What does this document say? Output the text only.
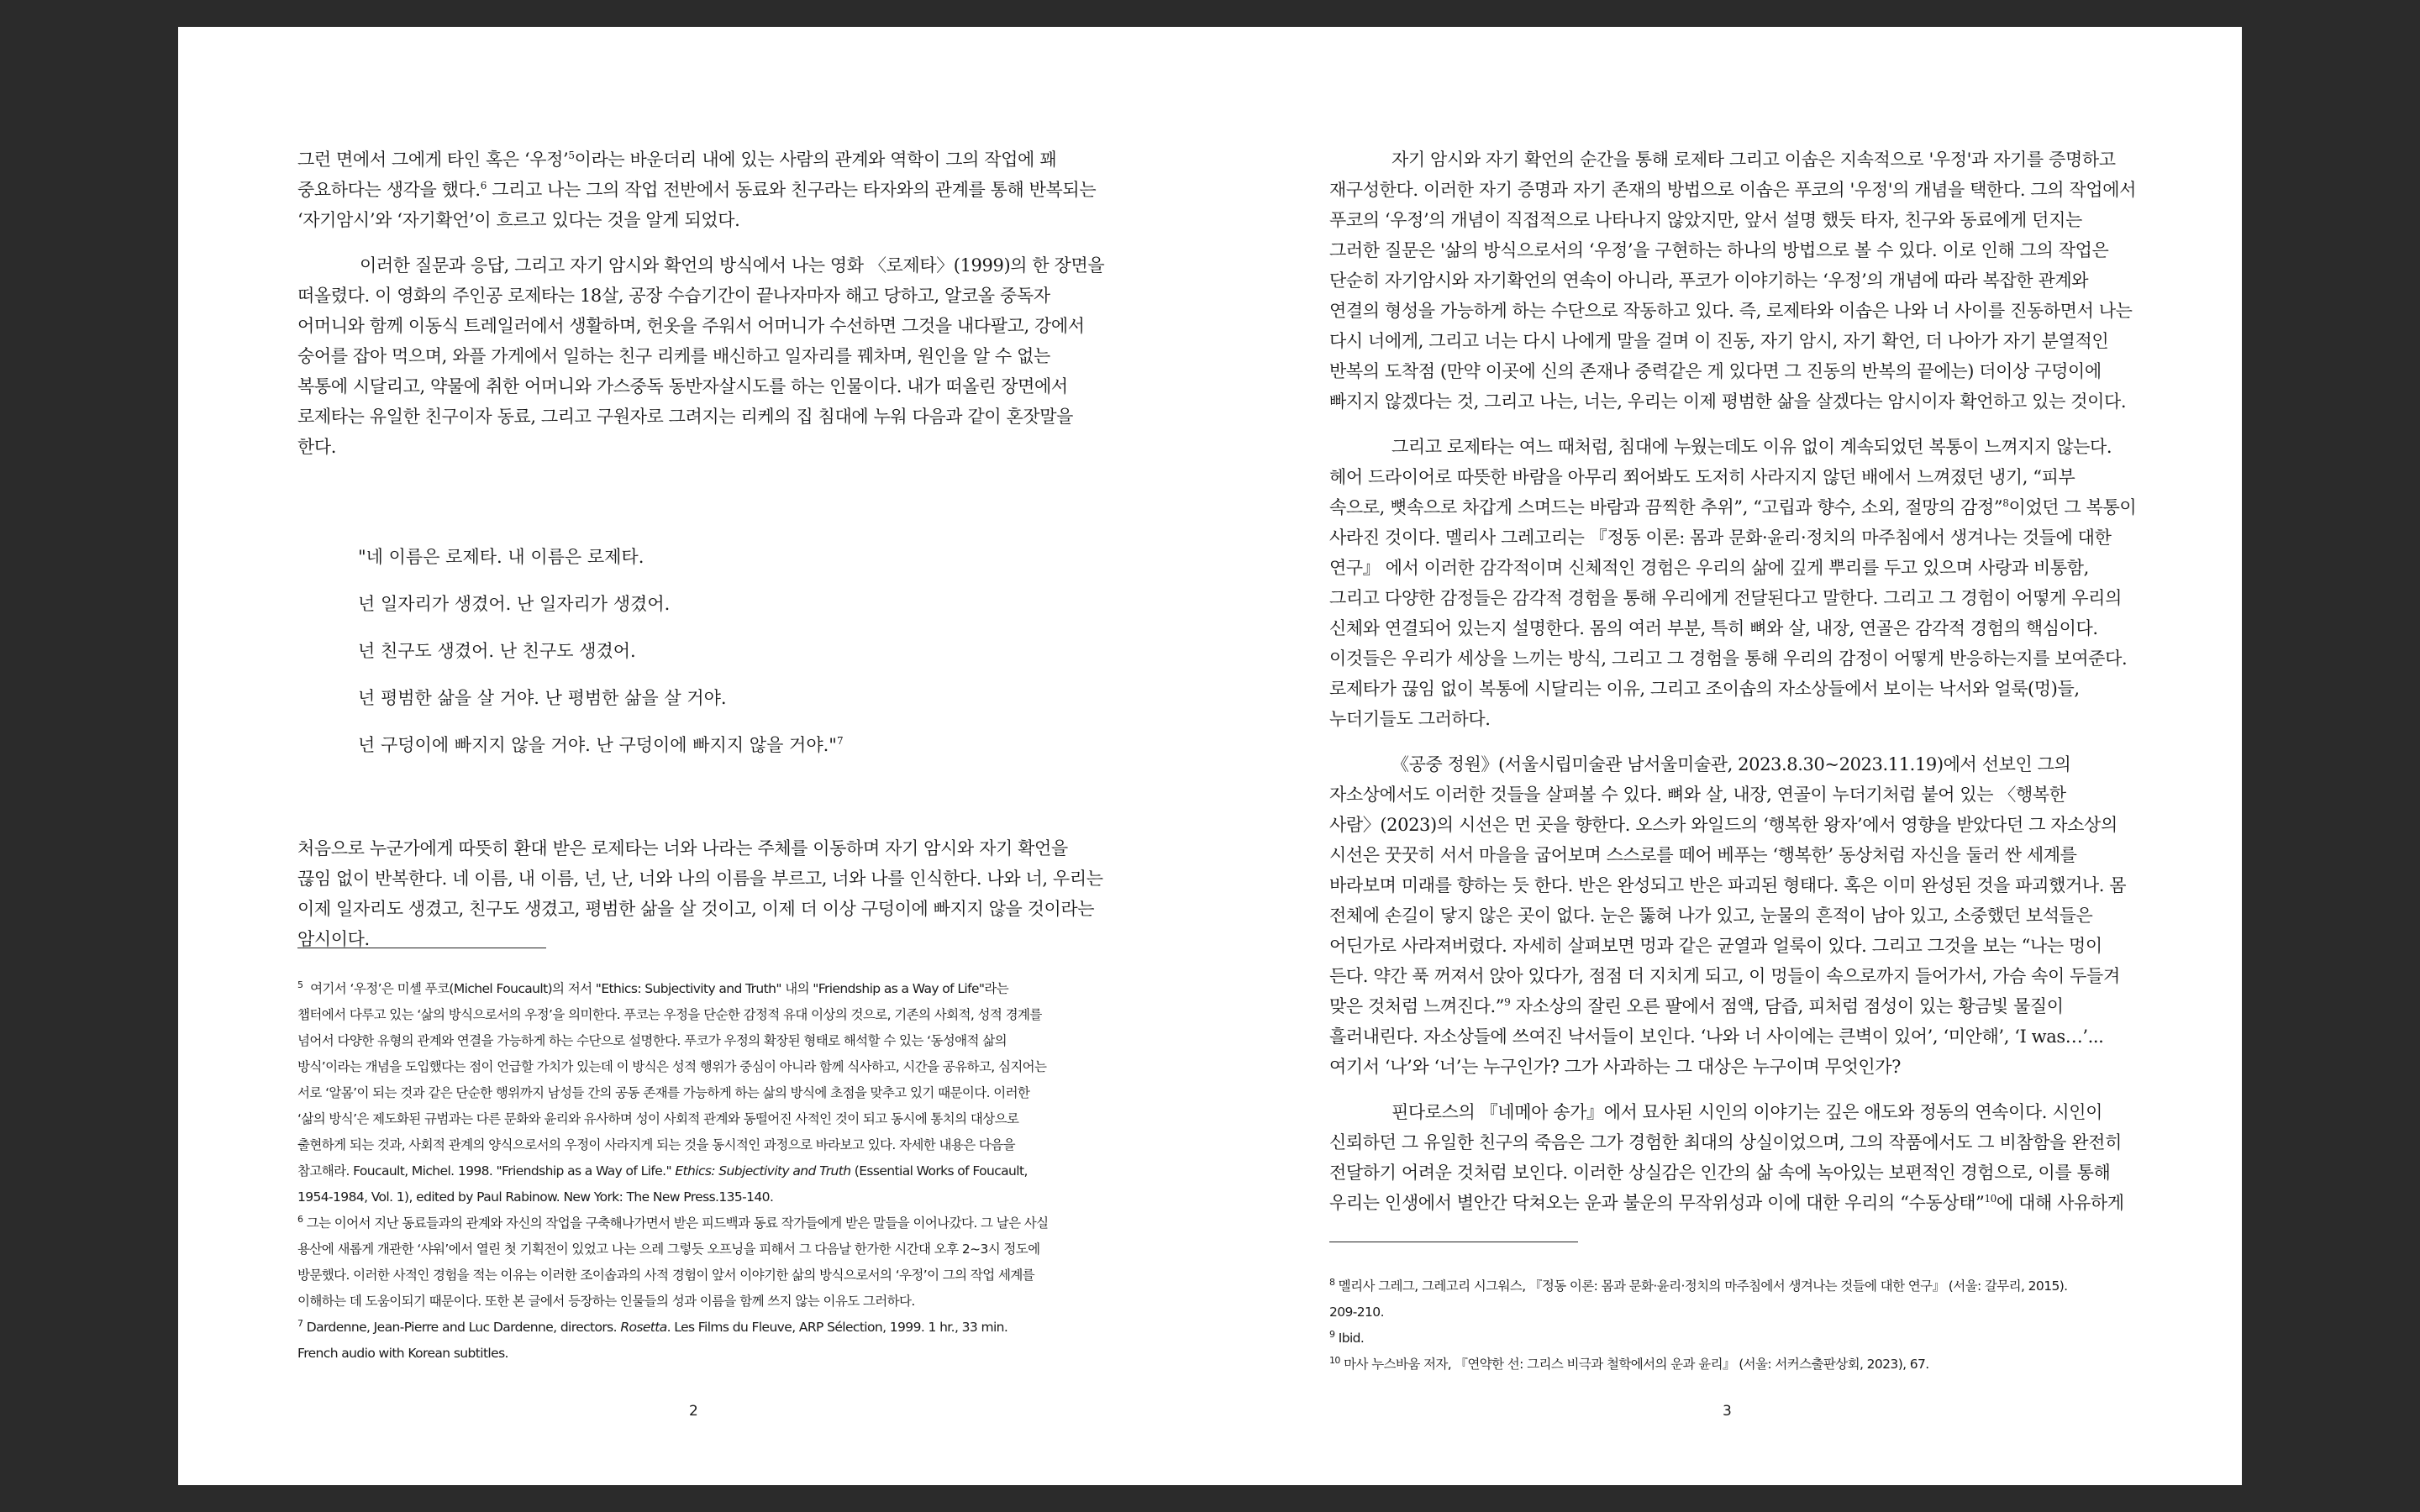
그런 면에서 그에게 타인 혹은 ‘우정’$^5$이라는 바운더리 내에 있는 사람의 관계와 역학이 그의 작업에 꽤

중요하다는 생각을 했다.$^6$ 그리고 나는 그의 작업 전반에서 동료와 친구라는 타자와의 관계를 통해 반복되는

‘자기암시’와 ‘자기확언’이 흐르고 있다는 것을 알게 되었다.

이러한 질문과 응답, 그리고 자기 암시와 확언의 방식에서 나는 영화 〈로제타〉(1999)의 한 장면을

떠올렸다. 이 영화의 주인공 로제타는 18살, 공장 수습기간이 끝나자마자 해고 당하고, 알코올 중독자

어머니와 함께 이동식 트레일러에서 생활하며, 헌옷을 주워서 어머니가 수선하면 그것을 내다팔고, 강에서

숭어를 잡아 먹으며, 와플 가게에서 일하는 친구 리케를 배신하고 일자리를 꿰차며, 원인을 알 수 없는

복통에 시달리고, 약물에 취한 어머니와 가스중독 동반자살시도를 하는 인물이다. 내가 떠올린 장면에서

로제타는 유일한 친구이자 동료, 그리고 구원자로 그려지는 리케의 집 침대에 누워 다음과 같이 혼잣말을

한다.

"네 이름은 로제타. 내 이름은 로제타.

넌 일자리가 생겼어. 난 일자리가 생겼어.

넌 친구도 생겼어. 난 친구도 생겼어.

넌 평범한 삶을 살 거야. 난 평범한 삶을 살 거야.

넌 구덩이에 빠지지 않을 거야. 난 구덩이에 빠지지 않을 거야."$^7$

처음으로 누군가에게 따뜻히 환대 받은 로제타는 너와 나라는 주체를 이동하며 자기 암시와 자기 확언을

끊임 없이 반복한다. 네 이름, 내 이름, 넌, 난, 너와 나의 이름을 부르고, 너와 나를 인식한다. 나와 너, 우리는

이제 일자리도 생겼고, 친구도 생겼고, 평범한 삶을 살 것이고, 이제 더 이상 구덩이에 빠지지 않을 것이라는

암시이다.

$^5$ 여기서 ‘우정’은 미셸 푸코(Michel Foucault)의 저서 "Ethics: Subjectivity and Truth" 내의 "Friendship as a Way of Life"라는

챕터에서 다루고 있는 ‘삶의 방식으로서의 우정’을 의미한다. 푸코는 우정을 단순한 감정적 유대 이상의 것으로, 기존의 사회적, 성적 경계를

넘어서 다양한 유형의 관계와 연결을 가능하게 하는 수단으로 설명한다. 푸코가 우정의 확장된 형태로 해석할 수 있는 ‘동성애적 삶의

방식’이라는 개념을 도입했다는 점이 언급할 가치가 있는데 이 방식은 성적 행위가 중심이 아니라 함께 식사하고, 시간을 공유하고, 심지어는

서로 ‘알몸’이 되는 것과 같은 단순한 행위까지 남성들 간의 공동 존재를 가능하게 하는 삶의 방식에 초점을 맞추고 있기 때문이다. 이러한

‘삶의 방식’은 제도화된 규범과는 다른 문화와 윤리와 유사하며 성이 사회적 관계와 동떨어진 사적인 것이 되고 동시에 통치의 대상으로

출현하게 되는 것과, 사회적 관계의 양식으로서의 우정이 사라지게 되는 것을 동시적인 과정으로 바라보고 있다. 자세한 내용은 다음을

참고해라. Foucault, Michel. 1998. "Friendship as a Way of Life." Ethics: Subjectivity and Truth (Essential Works of Foucault,

1954-1984, Vol. 1), edited by Paul Rabinow. New York: The New Press.135-140.

$^6$ 그는 이어서 지난 동료들과의 관계와 자신의 작업을 구축해나가면서 받은 피드백과 동료 작가들에게 받은 말들을 이어나갔다. 그 날은 사실

용산에 새롭게 개관한 ‘샤워’에서 열린 첫 기획전이 있었고 나는 으레 그렇듯 오프닝을 피해서 그 다음날 한가한 시간대 오후 2~3시 정도에

방문했다. 이러한 사적인 경험을 적는 이유는 이러한 조이솝과의 사적 경험이 앞서 이야기한 삶의 방식으로서의 ‘우정’이 그의 작업 세계를

이해하는 데 도움이되기 때문이다. 또한 본 글에서 등장하는 인물들의 성과 이름을 함께 쓰지 않는 이유도 그러하다.

$^7$ Dardenne, Jean-Pierre and Luc Dardenne, directors. Rosetta. Les Films du Fleuve, ARP Sélection, 1999. 1 hr., 33 min.

French audio with Korean subtitles.

2

자기 암시와 자기 확언의 순간을 통해 로제타 그리고 이솝은 지속적으로 '우정'과 자기를 증명하고

재구성한다. 이러한 자기 증명과 자기 존재의 방법으로 이솝은 푸코의 '우정'의 개념을 택한다. 그의 작업에서

푸코의 ‘우정’의 개념이 직접적으로 나타나지 않았지만, 앞서 설명 했듯 타자, 친구와 동료에게 던지는

그러한 질문은 '삶의 방식으로서의 ‘우정’을 구현하는 하나의 방법으로 볼 수 있다. 이로 인해 그의 작업은

단순히 자기암시와 자기확언의 연속이 아니라, 푸코가 이야기하는 ‘우정’의 개념에 따라 복잡한 관계와

연결의 형성을 가능하게 하는 수단으로 작동하고 있다. 즉, 로제타와 이솝은 나와 너 사이를 진동하면서 나는

다시 너에게, 그리고 너는 다시 나에게 말을 걸며 이 진동, 자기 암시, 자기 확언, 더 나아가 자기 분열적인

반복의 도착점 (만약 이곳에 신의 존재나 중력같은 게 있다면 그 진동의 반복의 끝에는) 더이상 구덩이에

빠지지 않겠다는 것, 그리고 나는, 너는, 우리는 이제 평범한 삶을 살겠다는 암시이자 확언하고 있는 것이다.

그리고 로제타는 여느 때처럼, 침대에 누웠는데도 이유 없이 계속되었던 복통이 느껴지지 않는다.

헤어 드라이어로 따뜻한 바람을 아무리 쬐어봐도 도저히 사라지지 않던 배에서 느껴졌던 냉기, “피부

속으로, 뼛속으로 차갑게 스며드는 바람과 끔찍한 추위”, “고립과 향수, 소외, 절망의 감정”$^8$이었던 그 복통이

사라진 것이다. 멜리사 그레고리는 『정동 이론: 몸과 문화·윤리·정치의 마주침에서 생겨나는 것들에 대한

연구』 에서 이러한 감각적이며 신체적인 경험은 우리의 삶에 깊게 뿌리를 두고 있으며 사랑과 비통함,

그리고 다양한 감정들은 감각적 경험을 통해 우리에게 전달된다고 말한다. 그리고 그 경험이 어떻게 우리의

신체와 연결되어 있는지 설명한다. 몸의 여러 부분, 특히 뼈와 살, 내장, 연골은 감각적 경험의 핵심이다.

이것들은 우리가 세상을 느끼는 방식, 그리고 그 경험을 통해 우리의 감정이 어떻게 반응하는지를 보여준다.

로제타가 끊임 없이 복통에 시달리는 이유, 그리고 조이솝의 자소상들에서 보이는 낙서와 얼룩(멍)들,

누더기들도 그러하다.

《공중 정원》(서울시립미술관 남서울미술관, 2023.8.30~2023.11.19)에서 선보인 그의

자소상에서도 이러한 것들을 살펴볼 수 있다. 뼈와 살, 내장, 연골이 누더기처럼 붙어 있는 〈행복한

사람〉(2023)의 시선은 먼 곳을 향한다. 오스카 와일드의 ‘행복한 왕자’에서 영향을 받았다던 그 자소상의

시선은 꿋꿋히 서서 마을을 굽어보며 스스로를 떼어 베푸는 ‘행복한’ 동상처럼 자신을 둘러 싼 세계를

바라보며 미래를 향하는 듯 한다. 반은 완성되고 반은 파괴된 형태다. 혹은 이미 완성된 것을 파괴했거나. 몸

전체에 손길이 닿지 않은 곳이 없다. 눈은 뚫혀 나가 있고, 눈물의 흔적이 남아 있고, 소중했던 보석들은

어딘가로 사라져버렸다. 자세히 살펴보면 멍과 같은 균열과 얼룩이 있다. 그리고 그것을 보는 “나는 멍이

든다. 약간 푹 꺼져서 앉아 있다가, 점점 더 지치게 되고, 이 멍들이 속으로까지 들어가서, 가슴 속이 두들겨

맞은 것처럼 느껴진다.”$^9$ 자소상의 잘린 오른 팔에서 점액, 담즙, 피처럼 점성이 있는 황금빛 물질이

흘러내린다. 자소상들에 쓰여진 낙서들이 보인다. ‘나와 너 사이에는 큰벽이 있어’, ‘미안해’, ‘I was…’...

여기서 ‘나’와 ‘너’는 누구인가? 그가 사과하는 그 대상은 누구이며 무엇인가?

핀다로스의 『네메아 송가』에서 묘사된 시인의 이야기는 깊은 애도와 정동의 연속이다. 시인이

신뢰하던 그 유일한 친구의 죽음은 그가 경험한 최대의 상실이었으며, 그의 작품에서도 그 비참함을 완전히

전달하기 어려운 것처럼 보인다. 이러한 상실감은 인간의 삶 속에 녹아있는 보편적인 경험으로, 이를 통해

우리는 인생에서 별안간 닥쳐오는 운과 불운의 무작위성과 이에 대한 우리의 “수동상태”$^{10}$에 대해 사유하게

$^8$ 멜리사 그레그, 그레고리 시그워스, 『정동 이론: 몸과 문화·윤리·정치의 마주침에서 생겨나는 것들에 대한 연구』 (서울: 갈무리, 2015).

209-210.

$^9$ Ibid.

$^{10}$ 마사 누스바움 저자, 『연약한 선: 그리스 비극과 철학에서의 운과 윤리』 (서울: 서커스출판상회, 2023), 67.

3
